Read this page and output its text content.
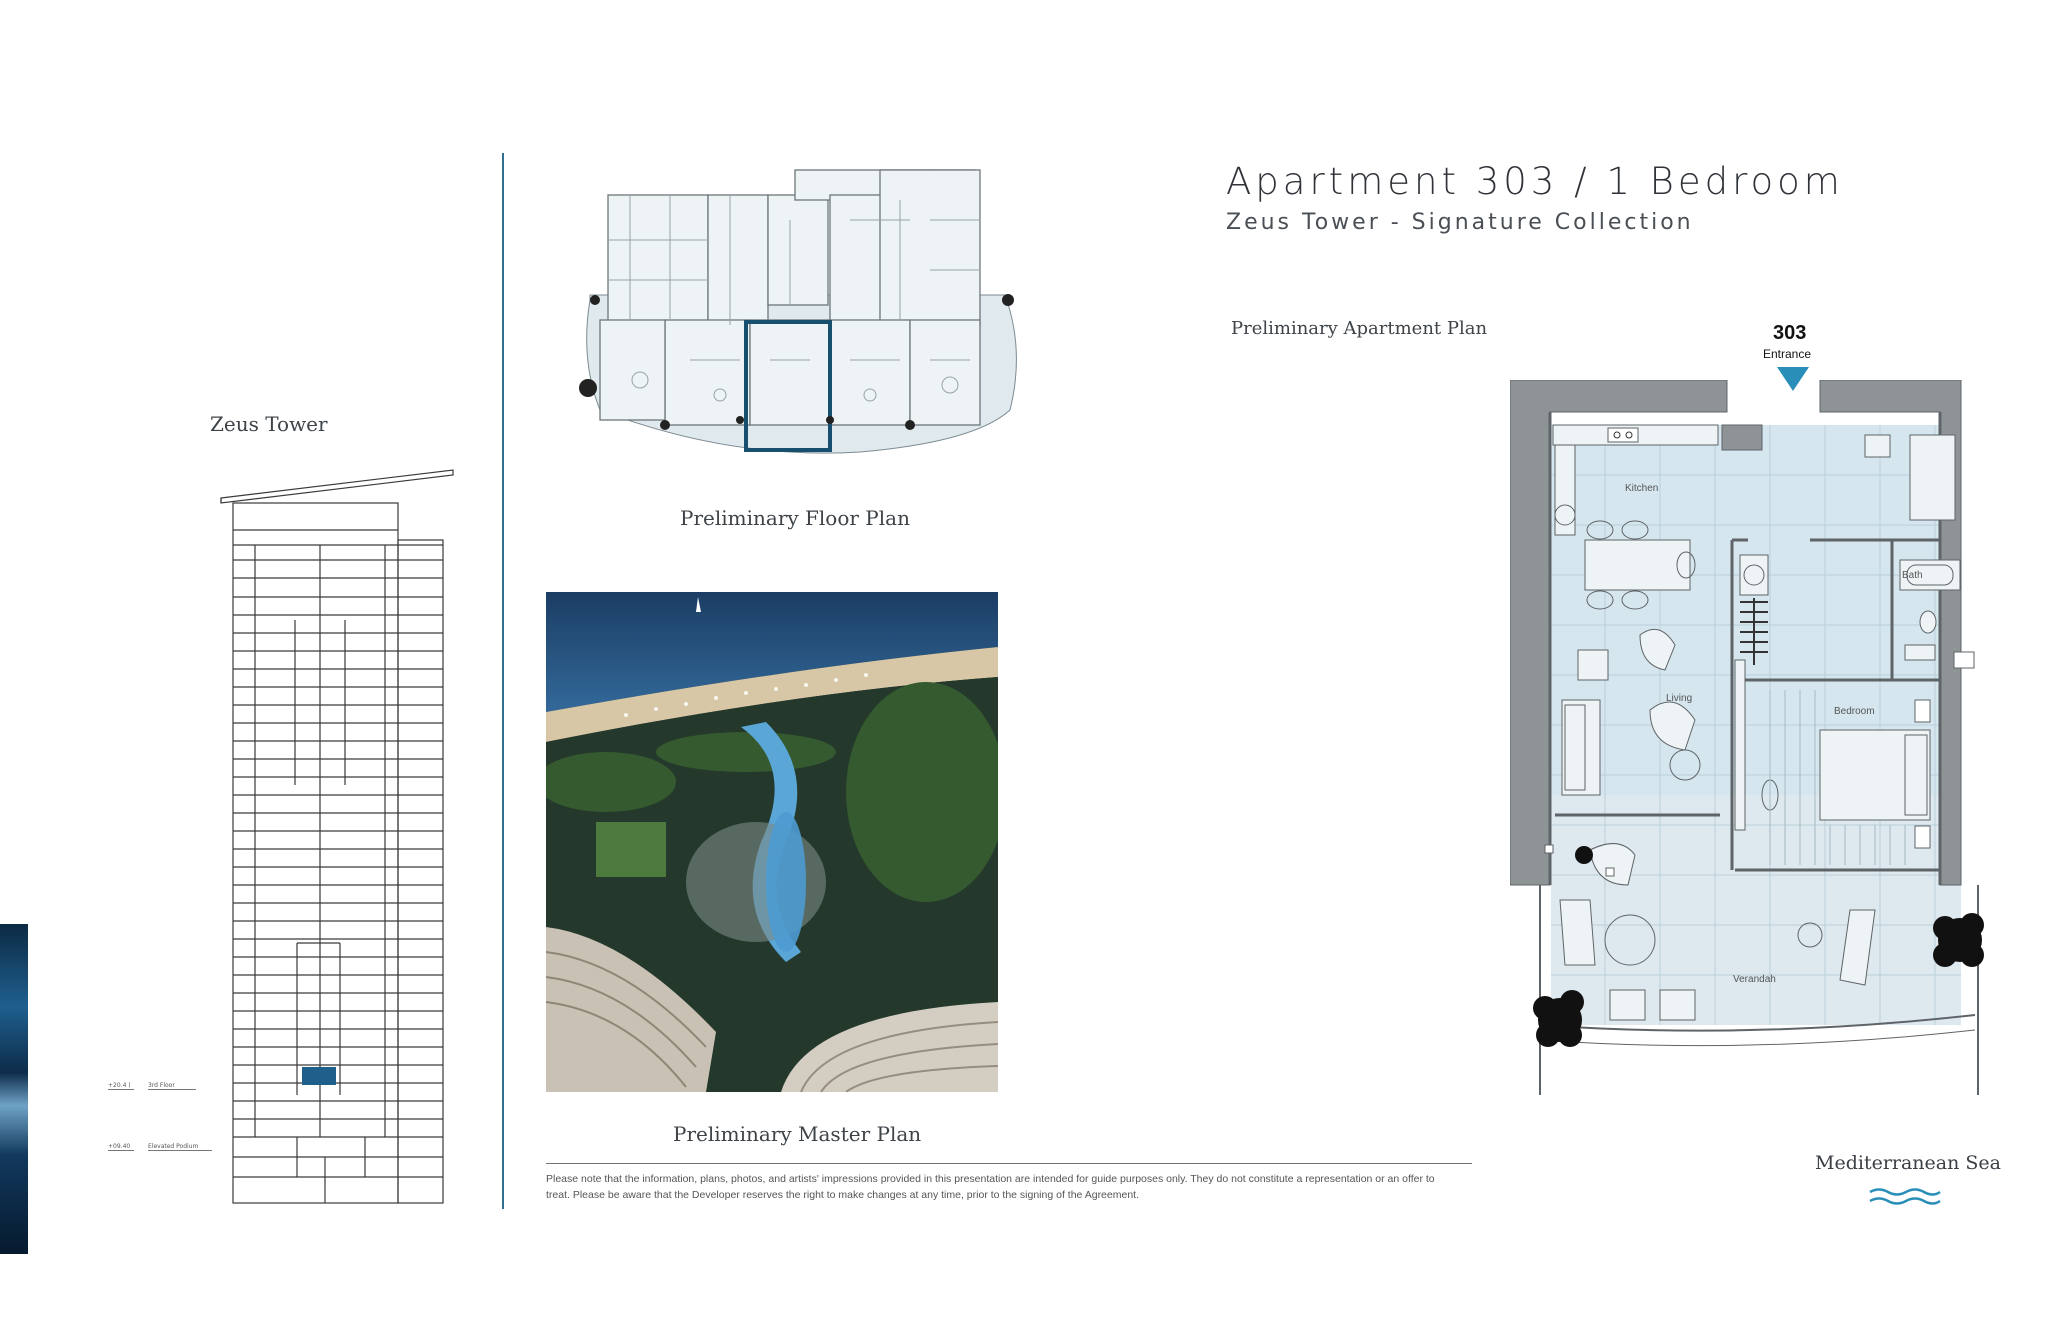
Apartment 303 / 1 Bedroom
Zeus Tower - Signature Collection
Zeus Tower
+20.4 )	3rd Floor
+09.40	Elevated Podium
Preliminary Floor Plan
Preliminary Master Plan
Please note that the information, plans, photos, and artists' impressions provided in this presentation are intended for guide purposes only. They do not constitute a representation or an offer to treat. Please be aware that the Developer reserves the right to make changes at any time, prior to the signing of the Agreement.
Preliminary Apartment Plan	303
Entrance
Kitchen
Bath
Living
Bedroom
Verandah
Mediterranean Sea
